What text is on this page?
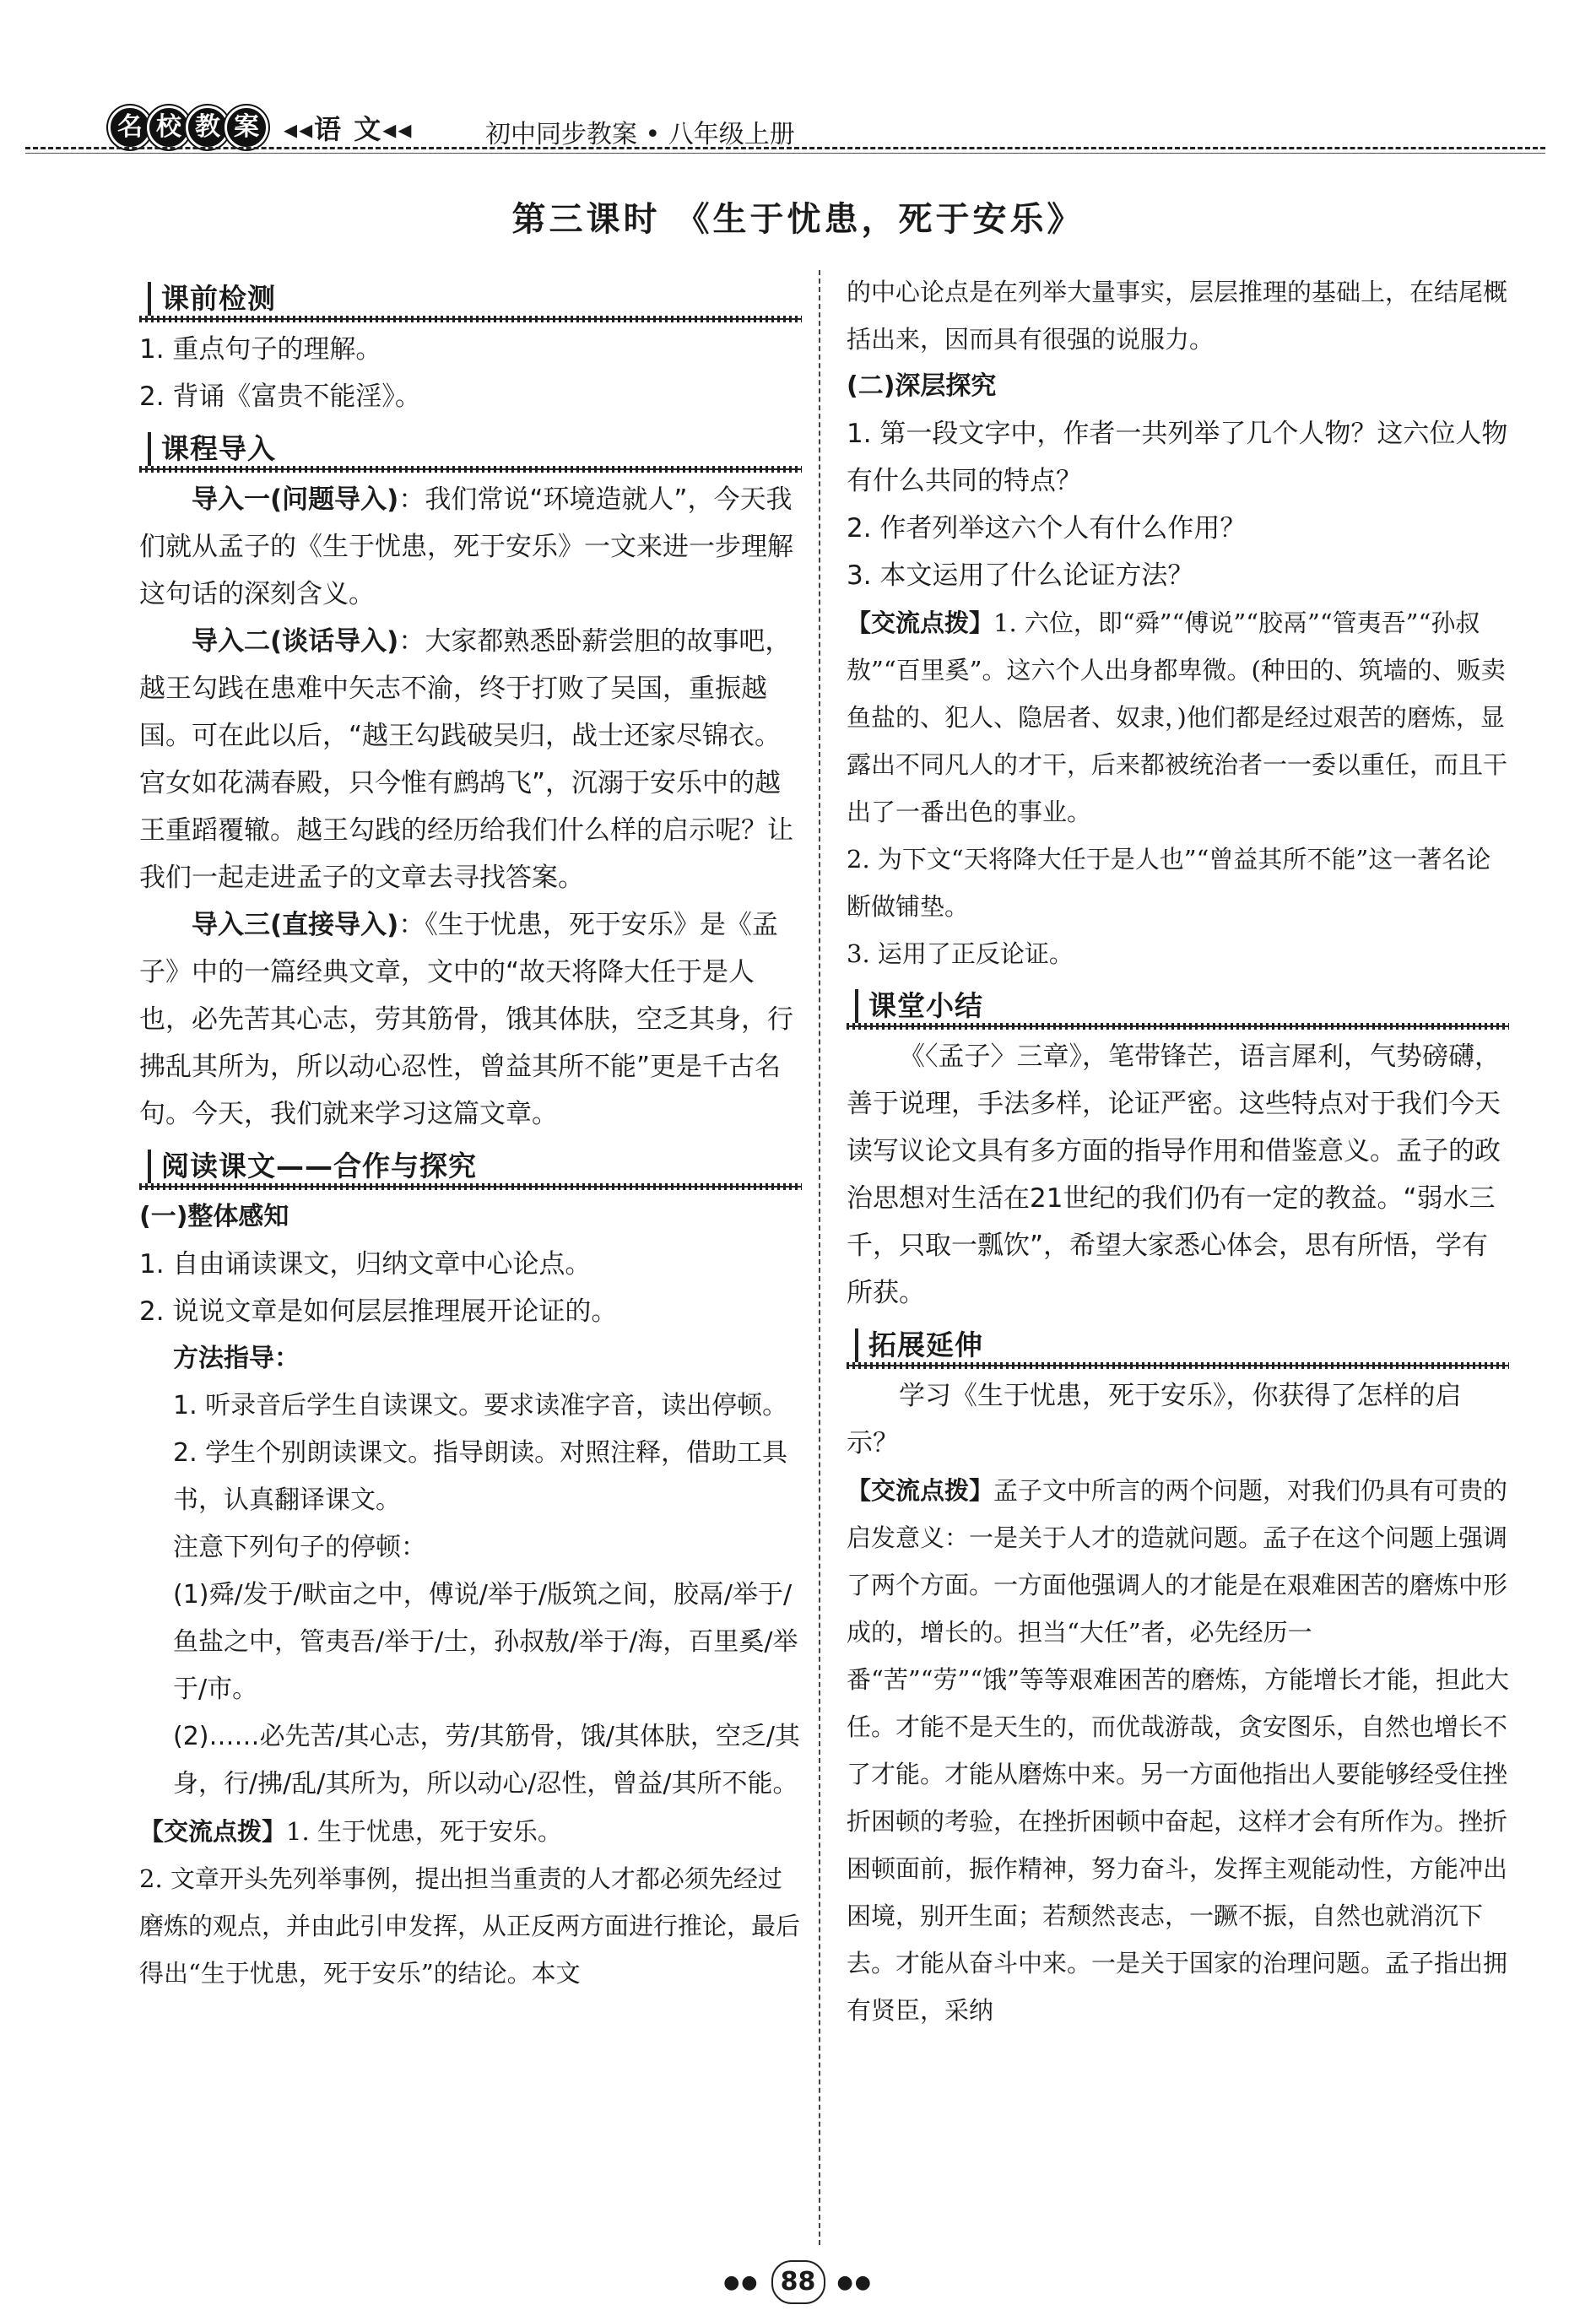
名 校 教 案 ◂◂语 文◂◂	初中同步教案 • 八年级上册
第三课时 《生于忧患，死于安乐》
课前检测

1. 重点句子的理解。

2. 背诵《富贵不能淫》。

课程导入

导入一(问题导入)：我们常说“环境造就人”，今天我们就从孟子的《生于忧患，死于安乐》一文来进一步理解这句话的深刻含义。

导入二(谈话导入)：大家都熟悉卧薪尝胆的故事吧，越王勾践在患难中矢志不渝，终于打败了吴国，重振越国。可在此以后，“越王勾践破吴归，战士还家尽锦衣。宫女如花满春殿，只今惟有鹧鸪飞”，沉溺于安乐中的越王重蹈覆辙。越王勾践的经历给我们什么样的启示呢？让我们一起走进孟子的文章去寻找答案。

导入三(直接导入)：《生于忧患，死于安乐》是《孟子》中的一篇经典文章，文中的“故天将降大任于是人也，必先苦其心志，劳其筋骨，饿其体肤，空乏其身，行拂乱其所为，所以动心忍性，曾益其所不能”更是千古名句。今天，我们就来学习这篇文章。

阅读课文——合作与探究

(一)整体感知

1. 自由诵读课文，归纳文章中心论点。

2. 说说文章是如何层层推理展开论证的。

方法指导：

1. 听录音后学生自读课文。要求读准字音，读出停顿。

2. 学生个别朗读课文。指导朗读。对照注释，借助工具书，认真翻译课文。

注意下列句子的停顿：

(1)舜/发于/畎亩之中，傅说/举于/版筑之间，胶鬲/举于/鱼盐之中，管夷吾/举于/士，孙叔敖/举于/海，百里奚/举于/市。

(2)……必先苦/其心志，劳/其筋骨，饿/其体肤，空乏/其身，行/拂/乱/其所为，所以动心/忍性，曾益/其所不能。

【交流点拨】1. 生于忧患，死于安乐。

2. 文章开头先列举事例，提出担当重责的人才都必须先经过磨炼的观点，并由此引申发挥，从正反两方面进行推论，最后得出“生于忧患，死于安乐”的结论。本文

的中心论点是在列举大量事实，层层推理的基础上，在结尾概括出来，因而具有很强的说服力。

(二)深层探究

1. 第一段文字中，作者一共列举了几个人物？这六位人物有什么共同的特点？

2. 作者列举这六个人有什么作用？

3. 本文运用了什么论证方法？

【交流点拨】1. 六位，即“舜”“傅说”“胶鬲”“管夷吾”“孙叔敖”“百里奚”。这六个人出身都卑微。(种田的、筑墙的、贩卖鱼盐的、犯人、隐居者、奴隶，)他们都是经过艰苦的磨炼，显露出不同凡人的才干，后来都被统治者一一委以重任，而且干出了一番出色的事业。

2. 为下文“天将降大任于是人也”“曾益其所不能”这一著名论断做铺垫。

3. 运用了正反论证。

课堂小结

《〈孟子〉三章》，笔带锋芒，语言犀利，气势磅礴，善于说理，手法多样，论证严密。这些特点对于我们今天读写议论文具有多方面的指导作用和借鉴意义。孟子的政治思想对生活在21世纪的我们仍有一定的教益。“弱水三千，只取一瓢饮”，希望大家悉心体会，思有所悟，学有所获。

拓展延伸

学习《生于忧患，死于安乐》，你获得了怎样的启示？

【交流点拨】孟子文中所言的两个问题，对我们仍具有可贵的启发意义：一是关于人才的造就问题。孟子在这个问题上强调了两个方面。一方面他强调人的才能是在艰难困苦的磨炼中形成的，增长的。担当“大任”者，必先经历一番“苦”“劳”“饿”等等艰难困苦的磨炼，方能增长才能，担此大任。才能不是天生的，而优哉游哉，贪安图乐，自然也增长不了才能。才能从磨炼中来。另一方面他指出人要能够经受住挫折困顿的考验，在挫折困顿中奋起，这样才会有所作为。挫折困顿面前，振作精神，努力奋斗，发挥主观能动性，方能冲出困境，别开生面；若颓然丧志，一蹶不振，自然也就消沉下去。才能从奋斗中来。一是关于国家的治理问题。孟子指出拥有贤臣，采纳

●● 88 ●●
